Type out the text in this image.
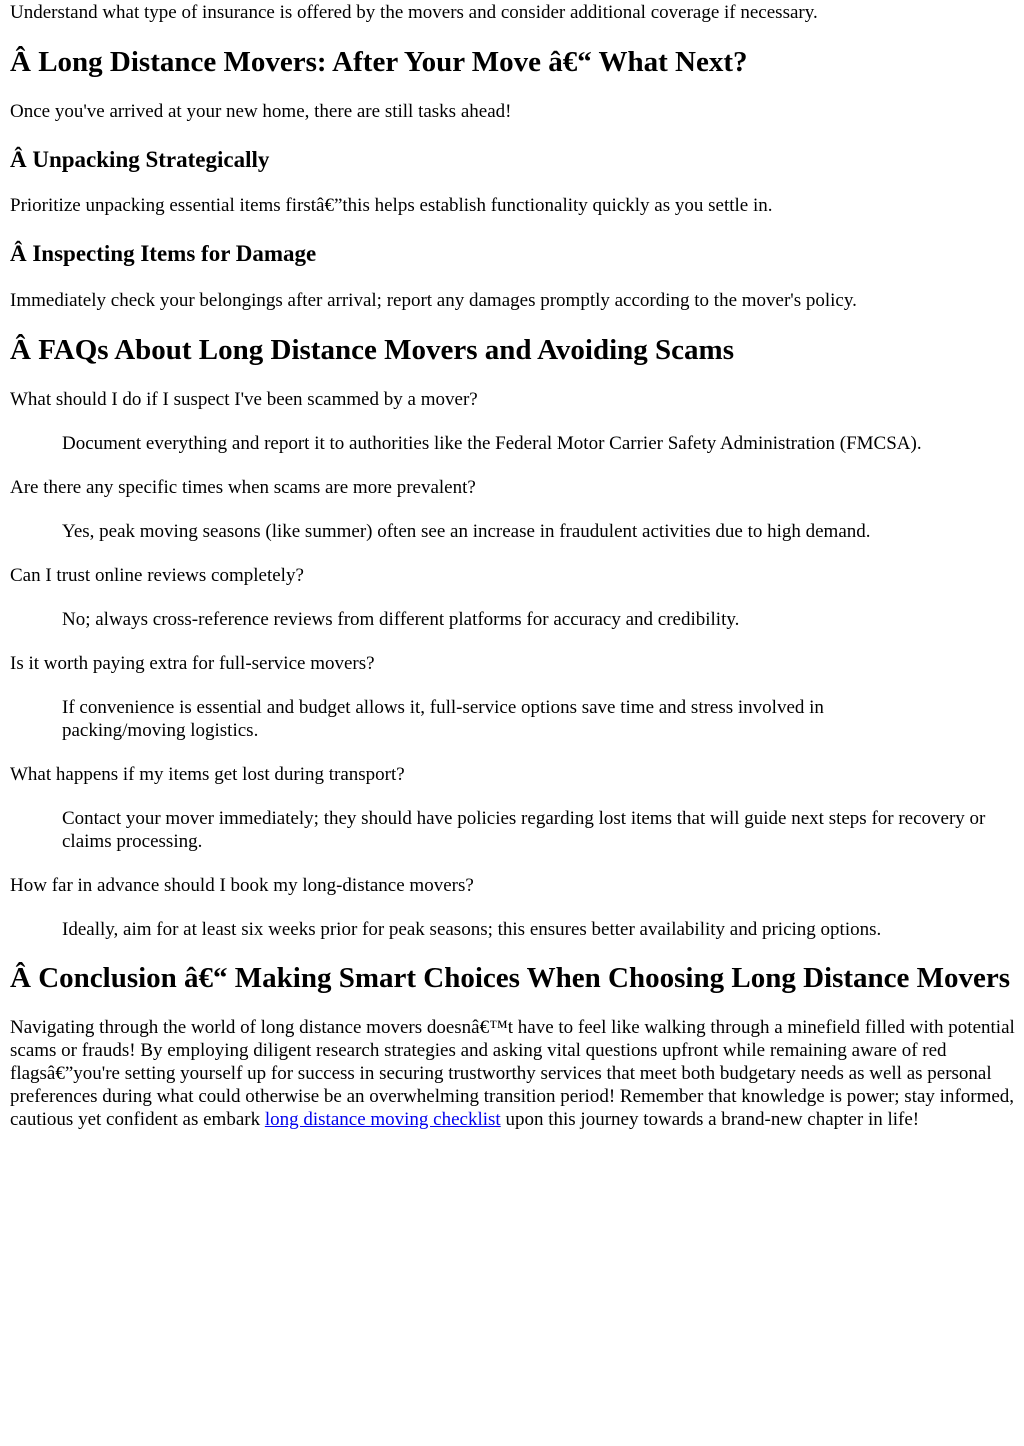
Understand what type of insurance is offered by the movers and consider additional coverage if necessary.

Â Long Distance Movers: After Your Move â€“ What Next?

Once you've arrived at your new home, there are still tasks ahead!

Â Unpacking Strategically

Prioritize unpacking essential items firstâ€”this helps establish functionality quickly as you settle in.

Â Inspecting Items for Damage

Immediately check your belongings after arrival; report any damages promptly according to the mover's policy.

Â FAQs About Long Distance Movers and Avoiding Scams

What should I do if I suspect I've been scammed by a mover?

Document everything and report it to authorities like the Federal Motor Carrier Safety Administration (FMCSA).

Are there any specific times when scams are more prevalent?

Yes, peak moving seasons (like summer) often see an increase in fraudulent activities due to high demand.

Can I trust online reviews completely?

No; always cross-reference reviews from different platforms for accuracy and credibility.

Is it worth paying extra for full-service movers?

If convenience is essential and budget allows it, full-service options save time and stress involved in packing/moving logistics.

What happens if my items get lost during transport?

Contact your mover immediately; they should have policies regarding lost items that will guide next steps for recovery or claims processing.

How far in advance should I book my long-distance movers?

Ideally, aim for at least six weeks prior for peak seasons; this ensures better availability and pricing options.

Â Conclusion â€“ Making Smart Choices When Choosing Long Distance Movers

Navigating through the world of long distance movers doesnâ€™t have to feel like walking through a minefield filled with potential scams or frauds! By employing diligent research strategies and asking vital questions upfront while remaining aware of red flagsâ€”you're setting yourself up for success in securing trustworthy services that meet both budgetary needs as well as personal preferences during what could otherwise be an overwhelming transition period! Remember that knowledge is power; stay informed, cautious yet confident as embark long distance moving checklist upon this journey towards a brand-new chapter in life!
